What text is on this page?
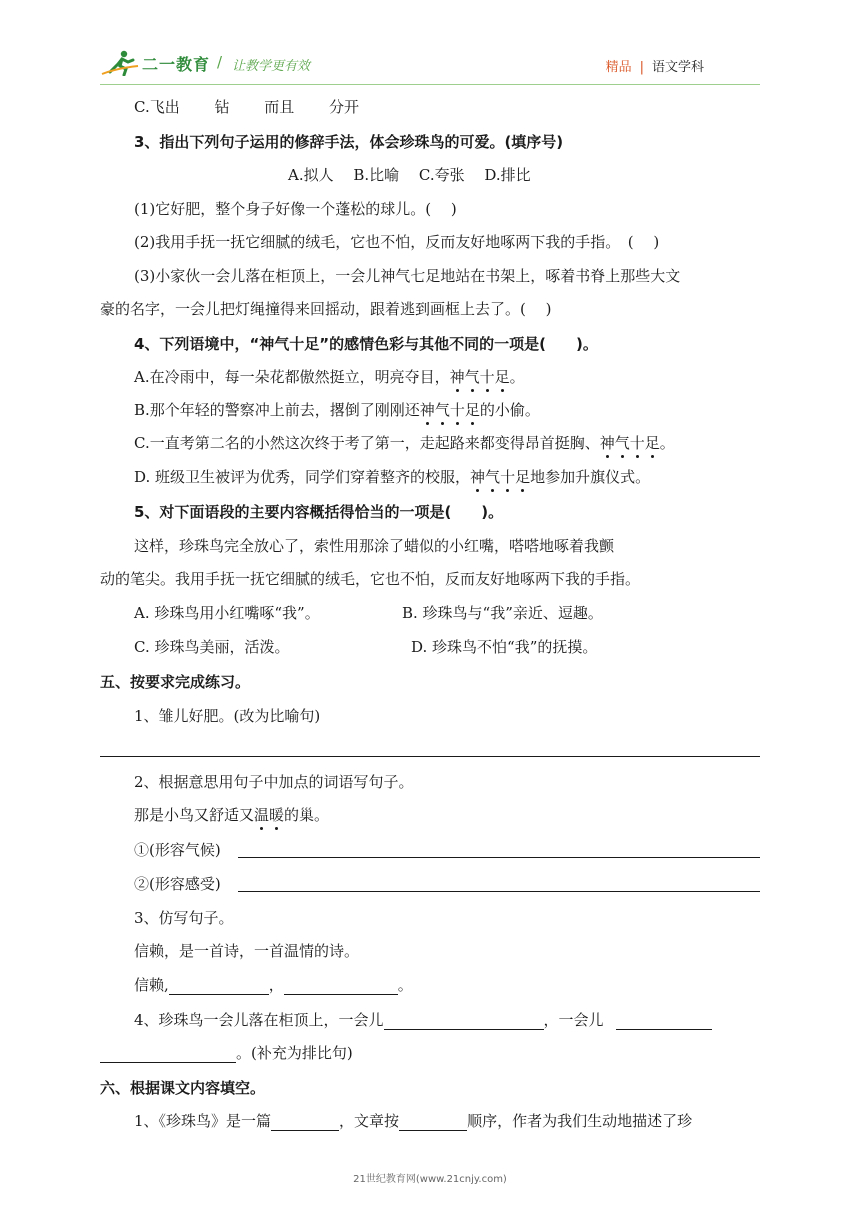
二一教育 / 让教学更有效	精品 | 语文学科
C.飞出　　 钻　　 而且　　 分开
3、指出下列句子运用的修辞手法，体会珍珠鸟的可爱。(填序号)
A.拟人　 B.比喻　 C.夸张　 D.排比
(1)它好肥，整个身子好像一个蓬松的球儿。(　 )
(2)我用手抚一抚它细腻的绒毛，它也不怕，反而友好地啄两下我的手指。　(　 )
(3)小家伙一会儿落在柜顶上，一会儿神气七足地站在书架上，啄着书脊上那些大文
豪的名字，一会儿把灯绳撞得来回摇动，跟着逃到画框上去了。(　 )
4、下列语境中，“神气十足”的感情色彩与其他不同的一项是(　　)。
A.在冷雨中，每一朵花都傲然挺立，明亮夺目，神气十足。
B.那个年轻的警察冲上前去，撂倒了刚刚还神气十足的小偷。
C.一直考第二名的小然这次终于考了第一，走起路来都变得昂首挺胸、神气十足。
D. 班级卫生被评为优秀，同学们穿着整齐的校服，神气十足地参加升旗仪式。
5、对下面语段的主要内容概括得恰当的一项是(　　)。
这样，珍珠鸟完全放心了，索性用那涂了蜡似的小红嘴，嗒嗒地啄着我颤
动的笔尖。我用手抚一抚它细腻的绒毛，它也不怕，反而友好地啄两下我的手指。
A. 珍珠鸟用小红嘴啄“我”。	B. 珍珠鸟与“我”亲近、逗趣。
C. 珍珠鸟美丽，活泼。	D. 珍珠鸟不怕“我”的抚摸。
五、按要求完成练习。
1、雏儿好肥。(改为比喻句)
2、根据意思用句子中加点的词语写句子。
那是小鸟又舒适又温暖的巢。
①(形容气候)
②(形容感受)
3、仿写句子。
信赖，是一首诗，一首温情的诗。
信赖,	，	。
4、珍珠鸟一会儿落在柜顶上，一会儿	，一会儿
。(补充为排比句)
六、根据课文内容填空。
1、《珍珠鸟》是一篇	，文章按	顺序，作者为我们生动地描述了珍
21世纪教育网(www.21cnjy.com)
